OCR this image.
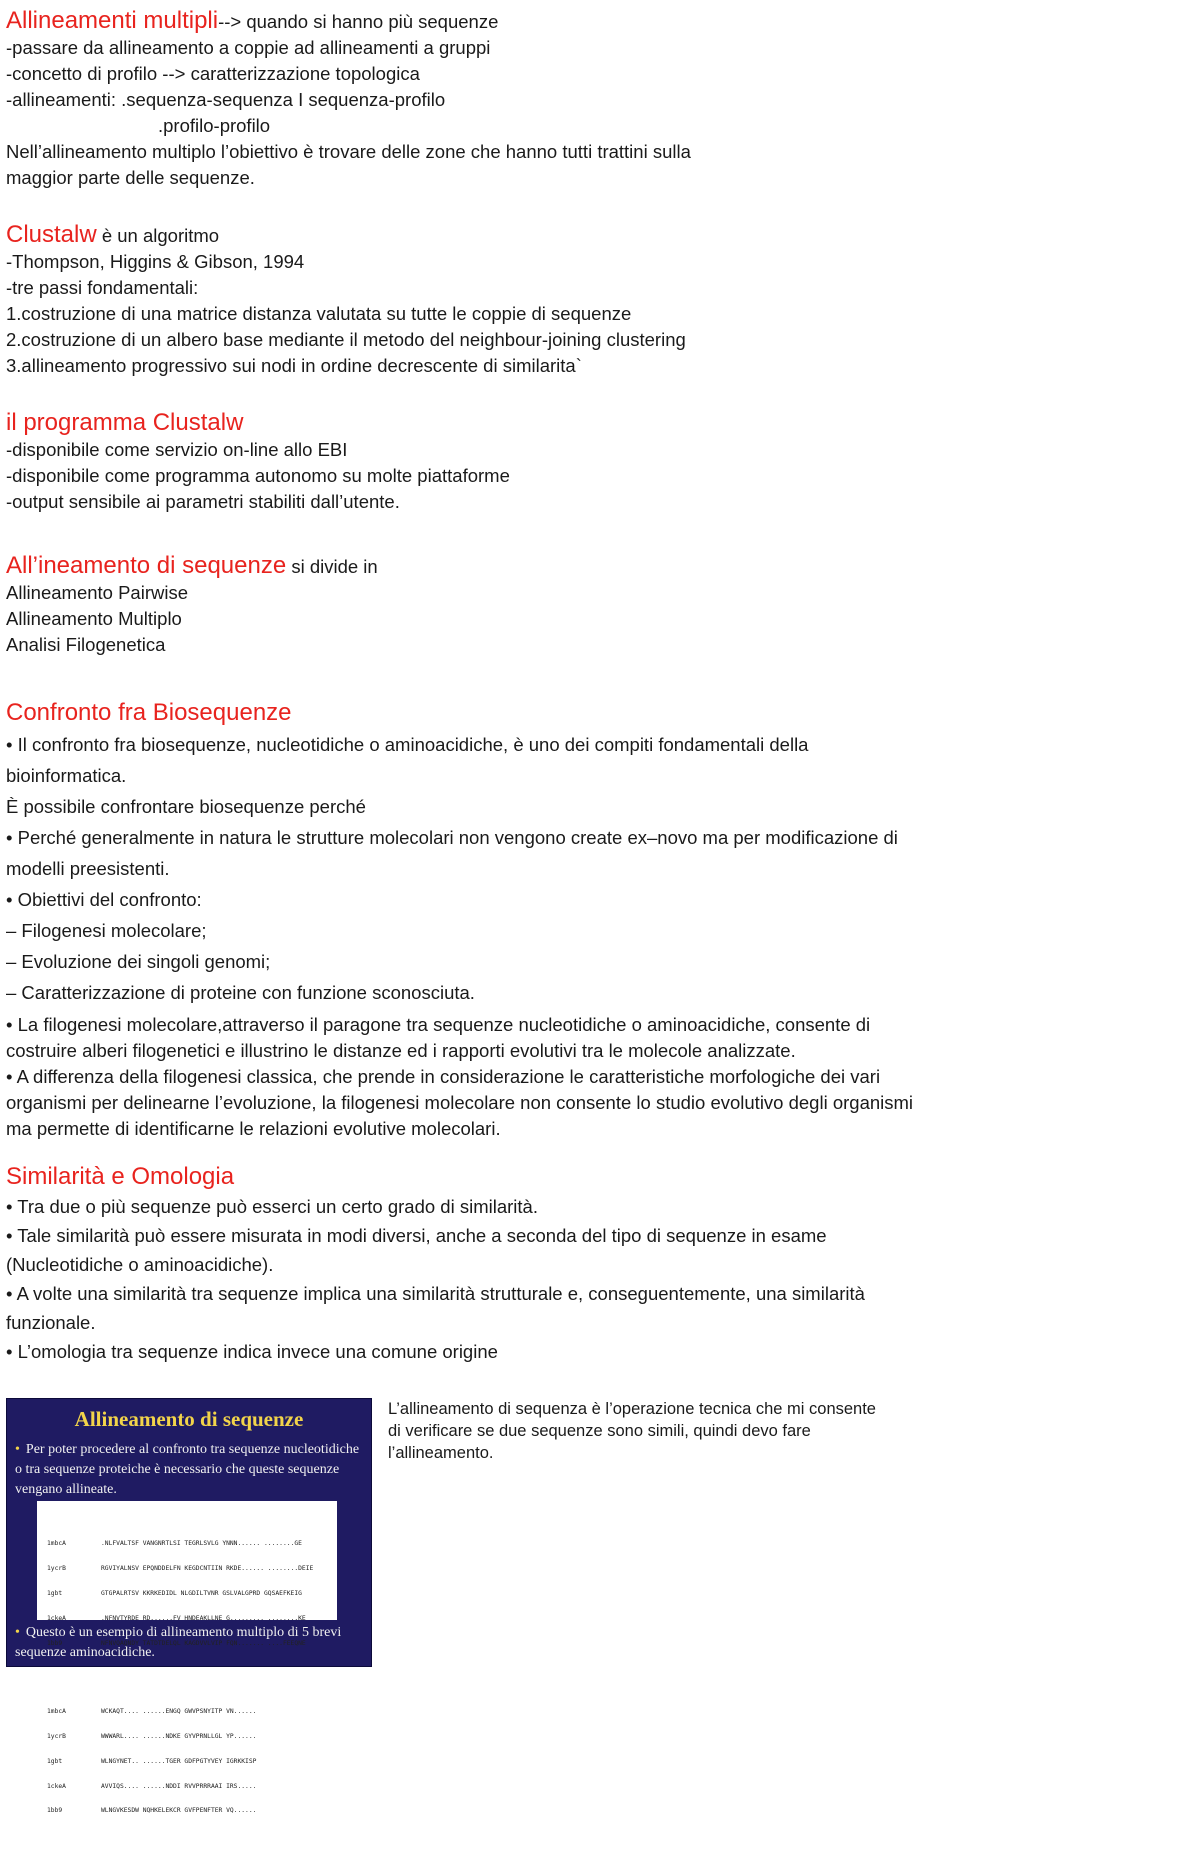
Allineamenti multipli--> quando si hanno più sequenze

-passare da allineamento a coppie ad allineamenti a gruppi

-concetto di profilo --> caratterizzazione topologica

-allineamenti: .sequenza-sequenza I sequenza-profilo

.profilo-profilo

Nell’allineamento multiplo l’obiettivo è trovare delle zone che hanno tutti trattini sulla

maggior parte delle sequenze.

Clustalw è un algoritmo

-Thompson, Higgins & Gibson, 1994

-tre passi fondamentali:

1.costruzione di una matrice distanza valutata su tutte le coppie di sequenze

2.costruzione di un albero base mediante il metodo del neighbour-joining clustering

3.allineamento progressivo sui nodi in ordine decrescente di similarita`

il programma Clustalw

-disponibile come servizio on-line allo EBI

-disponibile come programma autonomo su molte piattaforme

-output sensibile ai parametri stabiliti dall’utente.

All’ineamento di sequenze si divide in

Allineamento Pairwise

Allineamento Multiplo

Analisi Filogenetica

Confronto fra Biosequenze

• Il confronto fra biosequenze, nucleotidiche o aminoacidiche, è uno dei compiti fondamentali della

bioinformatica.

È possibile confrontare biosequenze perché

• Perché generalmente in natura le strutture molecolari non vengono create ex–novo ma per modificazione di

modelli preesistenti.

• Obiettivi del confronto:

– Filogenesi molecolare;

– Evoluzione dei singoli genomi;

– Caratterizzazione di proteine con funzione sconosciuta.

• La filogenesi molecolare,attraverso il paragone tra sequenze nucleotidiche o aminoacidiche, consente di

costruire alberi filogenetici e illustrino le distanze ed i rapporti evolutivi tra le molecole analizzate.

• A differenza della filogenesi classica, che prende in considerazione le caratteristiche morfologiche dei vari

organismi per delinearne l’evoluzione, la filogenesi molecolare non consente lo studio evolutivo degli organismi

ma permette di identificarne le relazioni evolutive molecolari.

Similarità e Omologia

• Tra due o più sequenze può esserci un certo grado di similarità.

• Tale similarità può essere misurata in modi diversi, anche a seconda del tipo di sequenze in esame

(Nucleotidiche o aminoacidiche).

• A volte una similarità tra sequenze implica una similarità strutturale e, conseguentemente, una similarità

funzionale.

• L’omologia tra sequenze indica invece una comune origine

Allineamento di sequenze
• Per poter procedere al confronto tra sequenze nucleotidiche o tra sequenze proteiche è necessario che queste sequenze vengano allineate.

1mbcA	.NLFVALTSF VANGNRTLSI TEGRLSVLG YNNN...... ........GE

1ycrB	RGVIYALNSV EPQNDDELFN KEGDCNTIIN RKDE...... ........DEIE

1gbt	GTGPALRTSV KKRKEDIDL NLGDILTVNR GSLVALGPRD GQSAEFKEIG

1ckeA	.NFNVTYRDE RD......FV HNDEAKLLNE G......... ........KE

1bb9	NFNVQAQNDY TATDTDELQL KAGDVVLVIP FQN....... ....FEEQNE

1mbcA	WCKAQT.... ......ENGQ GWVPSNYITP VN......

1ycrB	WWWARL.... ......NDKE GYVPRNLLGL YP......

1gbt	WLNGYNET.. ......TGER GDFPGTYVEY IGRKKISP

1ckeA	AVVIQS.... ......NDDI RVVPRRRAAI IRS.....

1bb9	WLNGVKESDW NQHKELEKCR GVFPENFTER VQ......

• Questo è un esempio di allineamento multiplo di 5 brevi sequenze aminoacidiche.

L’allineamento di sequenza è l’operazione tecnica che mi consente

di verificare se due sequenze sono simili, quindi devo fare

l’allineamento.
